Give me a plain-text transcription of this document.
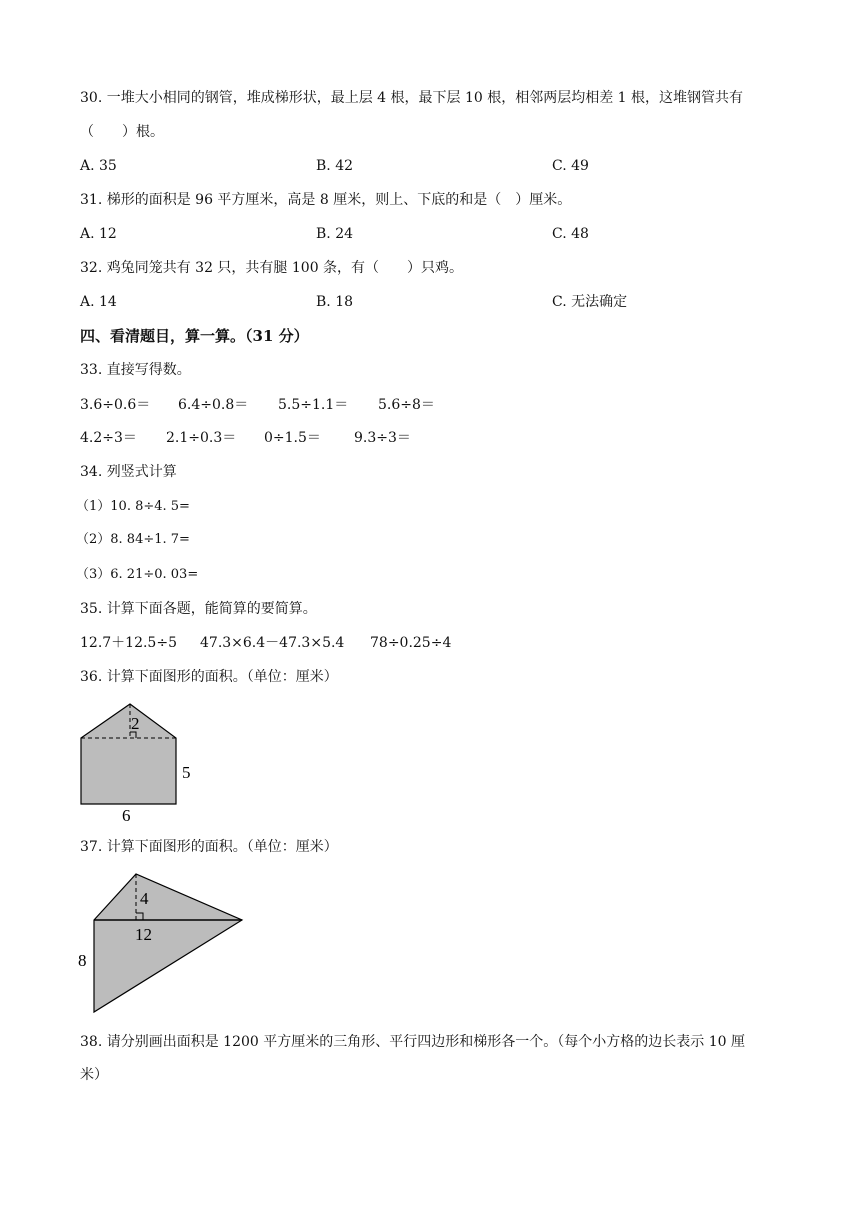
30. 一堆大小相同的钢管，堆成梯形状，最上层 4 根，最下层 10 根，相邻两层均相差 1 根，这堆钢管共有
（　　）根。
A. 35	B. 42	C. 49
31. 梯形的面积是 96 平方厘米，高是 8 厘米，则上、下底的和是（　）厘米。
A. 12	B. 24	C. 48
32. 鸡兔同笼共有 32 只，共有腿 100 条，有（　　）只鸡。
A. 14	B. 18	C. 无法确定
四、看清题目，算一算。（31 分）
33. 直接写得数。
3.6÷0.6＝ 6.4÷0.8＝ 5.5÷1.1＝ 5.6÷8＝
4.2÷3＝ 2.1÷0.3＝ 0÷1.5＝ 9.3÷3＝
34. 列竖式计算
（1）10. 8÷4. 5=
（2）8. 84÷1. 7=
（3）6. 21÷0. 03=
35. 计算下面各题，能简算的要简算。
12.7＋12.5÷5 47.3×6.4－47.3×5.4 78÷0.25÷4
36. 计算下面图形的面积。（单位：厘米）
2
5
6
37. 计算下面图形的面积。（单位：厘米）
4
12
8
38. 请分别画出面积是 1200 平方厘米的三角形、平行四边形和梯形各一个。（每个小方格的边长表示 10 厘
米）
